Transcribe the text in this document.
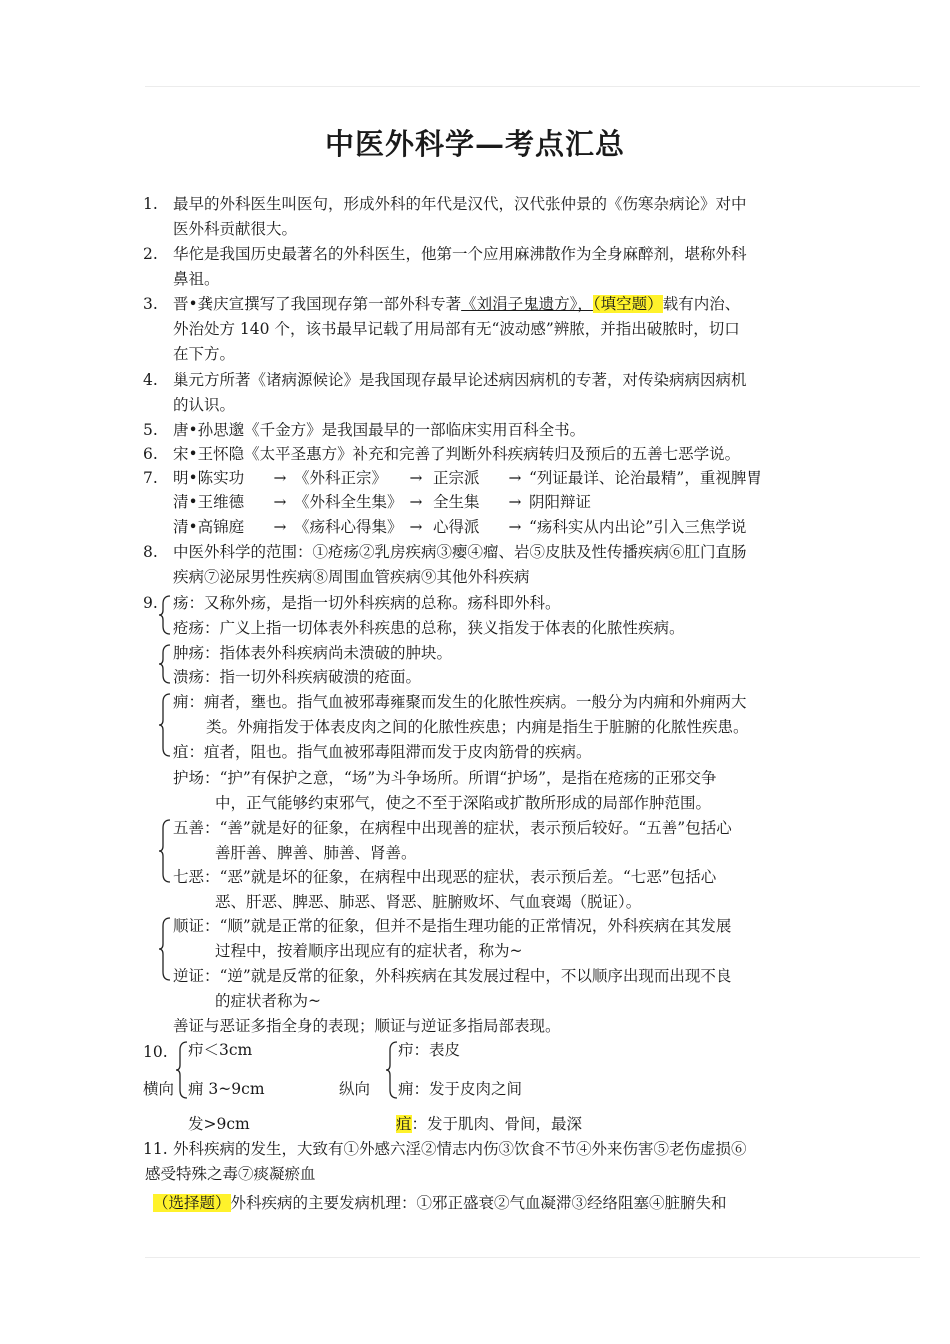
中医外科学—考点汇总
1. 最早的外科医生叫医句，形成外科的年代是汉代，汉代张仲景的《伤寒杂病论》对中
医外科贡献很大。
2. 华佗是我国历史最著名的外科医生，他第一个应用麻沸散作为全身麻醉剂，堪称外科
鼻祖。
3. 晋•龚庆宣撰写了我国现存第一部外科专著《刘涓子鬼遗方》，（填空题）载有内治、
外治处方 140 个，该书最早记载了用局部有无“波动感”辨脓，并指出破脓时，切口
在下方。
4. 巢元方所著《诸病源候论》是我国现存最早论述病因病机的专著，对传染病病因病机
的认识。
5. 唐•孙思邈《千金方》是我国最早的一部临床实用百科全书。
6. 宋•王怀隐《太平圣惠方》补充和完善了判断外科疾病转归及预后的五善七恶学说。
7. 明•陈实功 → 《外科正宗》 → 正宗派 → “列证最详、论治最精”，重视脾胃
清•王维德 → 《外科全生集》 → 全生集 → 阴阳辩证
清•高锦庭 → 《疡科心得集》 → 心得派 → “疡科实从内出论”引入三焦学说
8. 中医外科学的范围：①疮疡②乳房疾病③瘿④瘤、岩⑤皮肤及性传播疾病⑥肛门直肠
疾病⑦泌尿男性疾病⑧周围血管疾病⑨其他外科疾病
9. 疡：又称外疡，是指一切外科疾病的总称。疡科即外科。
疮疡：广义上指一切体表外科疾患的总称，狭义指发于体表的化脓性疾病。
肿疡：指体表外科疾病尚未溃破的肿块。
溃疡：指一切外科疾病破溃的疮面。
痈：痈者，壅也。指气血被邪毒雍聚而发生的化脓性疾病。一般分为内痈和外痈两大
类。外痈指发于体表皮肉之间的化脓性疾患；内痈是指生于脏腑的化脓性疾患。
疽：疽者，阻也。指气血被邪毒阻滞而发于皮肉筋骨的疾病。
护场：“护”有保护之意，“场”为斗争场所。所谓“护场”，是指在疮疡的正邪交争
中，正气能够约束邪气，使之不至于深陷或扩散所形成的局部作肿范围。
五善：“善”就是好的征象，在病程中出现善的症状，表示预后较好。“五善”包括心
善肝善、脾善、肺善、肾善。
七恶：“恶”就是坏的征象，在病程中出现恶的症状，表示预后差。“七恶”包括心
恶、肝恶、脾恶、肺恶、肾恶、脏腑败坏、气血衰竭（脱证）。
顺证：“顺”就是正常的征象，但并不是指生理功能的正常情况，外科疾病在其发展
过程中，按着顺序出现应有的症状者，称为~
逆证：“逆”就是反常的征象，外科疾病在其发展过程中，不以顺序出现而出现不良
的症状者称为~
善证与恶证多指全身的表现；顺证与逆证多指局部表现。
10. 疖＜3cm
横向 痈 3~9cm
发>9cm
纵向
疖：表皮
痈：发于皮肉之间
疽：发于肌肉、骨间，最深
11. 外科疾病的发生，大致有①外感六淫②情志内伤③饮食不节④外来伤害⑤老伤虚损⑥
感受特殊之毒⑦痰凝瘀血
（选择题）外科疾病的主要发病机理：①邪正盛衰②气血凝滞③经络阻塞④脏腑失和
